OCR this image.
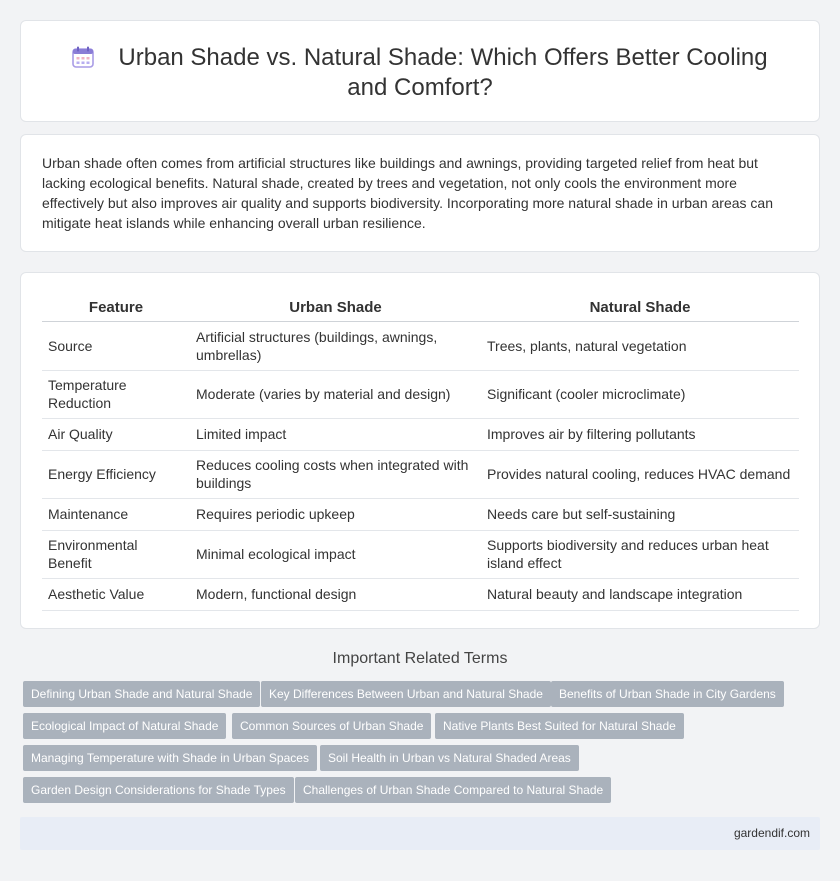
Urban Shade vs. Natural Shade: Which Offers Better Cooling and Comfort?

Urban shade often comes from artificial structures like buildings and awnings, providing targeted relief from heat but lacking ecological benefits. Natural shade, created by trees and vegetation, not only cools the environment more effectively but also improves air quality and supports biodiversity. Incorporating more natural shade in urban areas can mitigate heat islands while enhancing overall urban resilience.

Feature	Urban Shade	Natural Shade
Source	Artificial structures (buildings, awnings, umbrellas)	Trees, plants, natural vegetation
Temperature Reduction	Moderate (varies by material and design)	Significant (cooler microclimate)
Air Quality	Limited impact	Improves air by filtering pollutants
Energy Efficiency	Reduces cooling costs when integrated with buildings	Provides natural cooling, reduces HVAC demand
Maintenance	Requires periodic upkeep	Needs care but self-sustaining
Environmental Benefit	Minimal ecological impact	Supports biodiversity and reduces urban heat island effect
Aesthetic Value	Modern, functional design	Natural beauty and landscape integration
Important Related Terms
Defining Urban Shade and Natural Shade	Key Differences Between Urban and Natural Shade	Benefits of Urban Shade in City Gardens
Ecological Impact of Natural Shade	Common Sources of Urban Shade	Native Plants Best Suited for Natural Shade
Managing Temperature with Shade in Urban Spaces	Soil Health in Urban vs Natural Shaded Areas
Garden Design Considerations for Shade Types	Challenges of Urban Shade Compared to Natural Shade
gardendif.com
